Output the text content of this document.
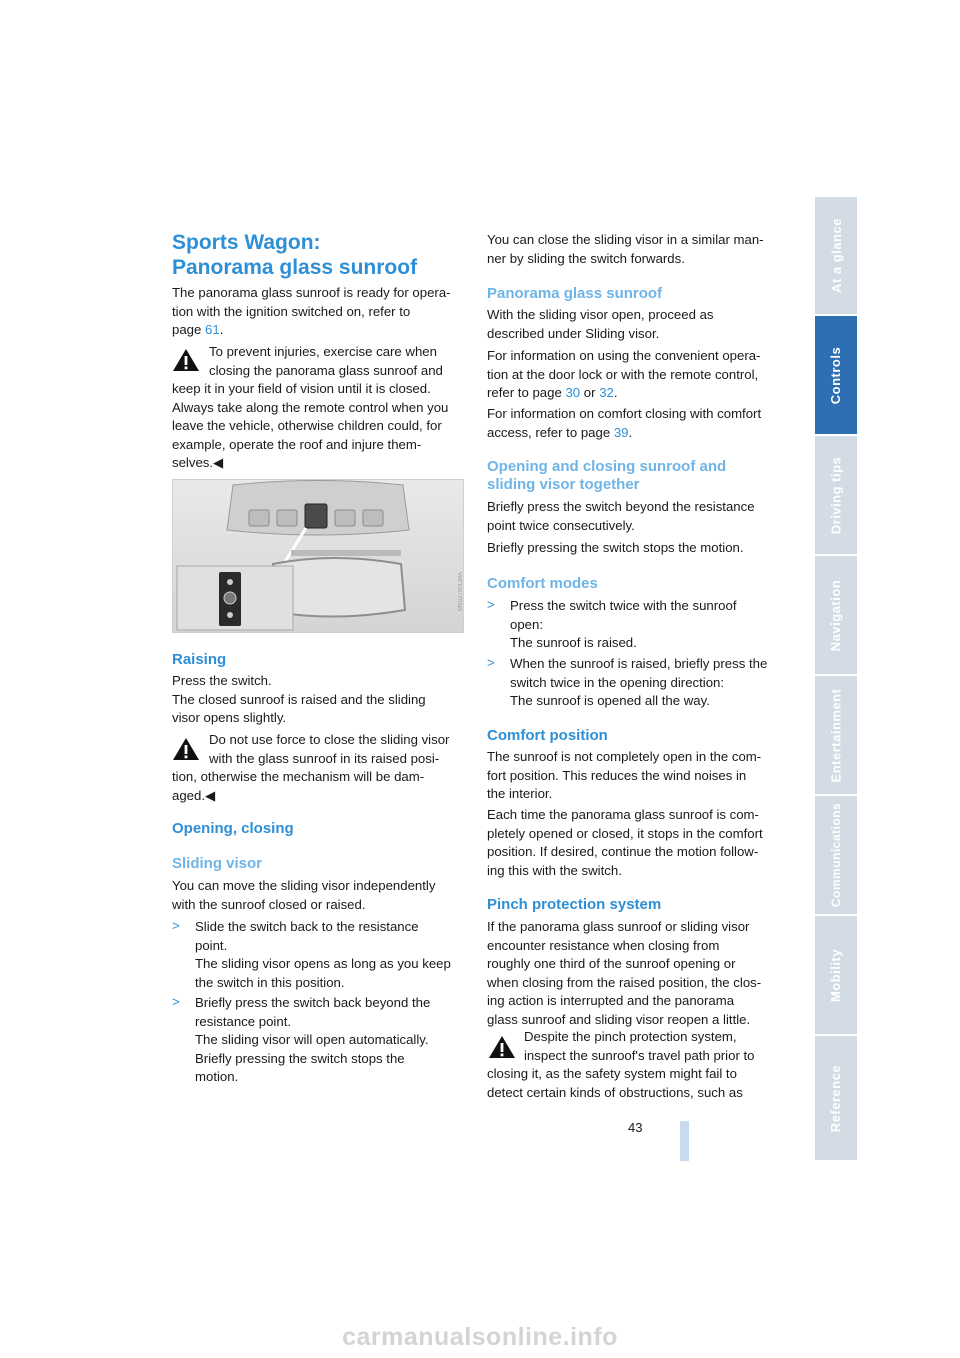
Sports Wagon:
Panorama glass sunroof
The panorama glass sunroof is ready for opera-
tion with the ignition switched on, refer to
page 61.
To prevent injuries, exercise care when
closing the panorama glass sunroof and
keep it in your field of vision until it is closed.
Always take along the remote control when you
leave the vehicle, otherwise children could, for
example, operate the roof and injure them-
selves.◀
MV02700CMA
Raising
Press the switch.
The closed sunroof is raised and the sliding
visor opens slightly.
Do not use force to close the sliding visor
with the glass sunroof in its raised posi-
tion, otherwise the mechanism will be dam-
aged.◀
Opening, closing
Sliding visor
You can move the sliding visor independently
with the sunroof closed or raised.
> Slide the switch back to the resistance
point.
The sliding visor opens as long as you keep
the switch in this position.
> Briefly press the switch back beyond the
resistance point.
The sliding visor will open automatically.
Briefly pressing the switch stops the
motion.
You can close the sliding visor in a similar man-
ner by sliding the switch forwards.
Panorama glass sunroof
With the sliding visor open, proceed as
described under Sliding visor.
For information on using the convenient opera-
tion at the door lock or with the remote control,
refer to page 30 or 32.
For information on comfort closing with comfort
access, refer to page 39.
Opening and closing sunroof and
sliding visor together
Briefly press the switch beyond the resistance
point twice consecutively.
Briefly pressing the switch stops the motion.
Comfort modes
> Press the switch twice with the sunroof
open:
The sunroof is raised.
> When the sunroof is raised, briefly press the
switch twice in the opening direction:
The sunroof is opened all the way.
Comfort position
The sunroof is not completely open in the com-
fort position. This reduces the wind noises in
the interior.
Each time the panorama glass sunroof is com-
pletely opened or closed, it stops in the comfort
position. If desired, continue the motion follow-
ing this with the switch.
Pinch protection system
If the panorama glass sunroof or sliding visor
encounter resistance when closing from
roughly one third of the sunroof opening or
when closing from the raised position, the clos-
ing action is interrupted and the panorama
glass sunroof and sliding visor reopen a little.
Despite the pinch protection system,
inspect the sunroof's travel path prior to
closing it, as the safety system might fail to
detect certain kinds of obstructions, such as
43
At a glance
Controls
Driving tips
Navigation
Entertainment
Communications
Mobility
Reference
carmanualsonline.info
